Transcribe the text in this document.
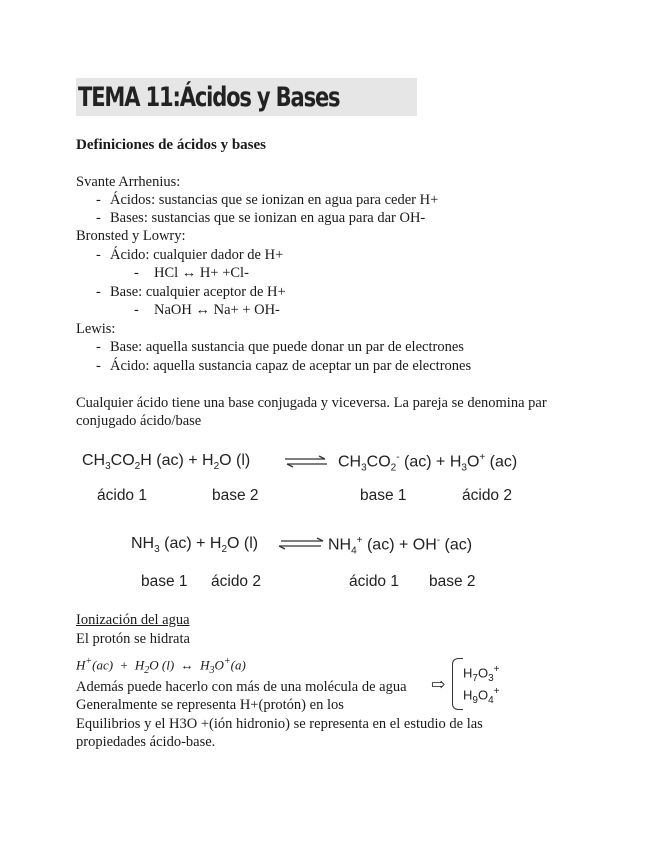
TEMA 11:Ácidos y Bases
Definiciones de ácidos y bases
Svante Arrhenius:
- Ácidos: sustancias que se ionizan en agua para ceder H+
- Bases: sustancias que se ionizan en agua para dar OH-
Bronsted y Lowry:
- Ácido: cualquier dador de H+
- HCl ↔ H+ +Cl-
- Base: cualquier aceptor de H+
- NaOH ↔ Na+ + OH-
Lewis:
- Base: aquella sustancia que puede donar un par de electrones
- Ácido: aquella sustancia capaz de aceptar un par de electrones
Cualquier ácido tiene una base conjugada y viceversa. La pareja se denomina par
conjugado ácido/base
$CH_3CO_2H$ $(ac) + H_2O$ (l) ⇌ $CH_3CO_2^-$ $(ac) + H_3O^+$ (ac)
ácido 1	base 2	base 1	ácido 2
$NH_3$ $(ac) + H_2O$ (l) ⇌ $NH_4^+$ (ac) + OH- (ac)
base 1 ácido 2	ácido 1 base 2
Ionización del agua
El protón se hidrata
$H^+(ac) + H_2O$ (l)  ↔  $H_3O^+(a)$
Además puede hacerlo con más de una molécula de agua ⇨
$H_7O_3^+$
$H_9O_4^+$
Generalmente se representa H+(protón) en los
Equilibrios y el H3O +(ión hidronio) se representa en el estudio de las
propiedades ácido-base.
